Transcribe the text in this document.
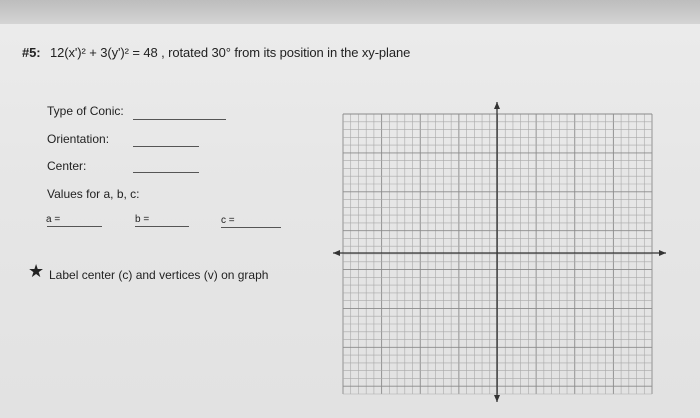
#5: 12(x')² + 3(y')² = 48 , rotated 30° from its position in the xy-plane
Type of Conic:
Orientation:
Center:
Values for a, b, c:
a =	b =	c =
★ Label center (c) and vertices (v) on graph
